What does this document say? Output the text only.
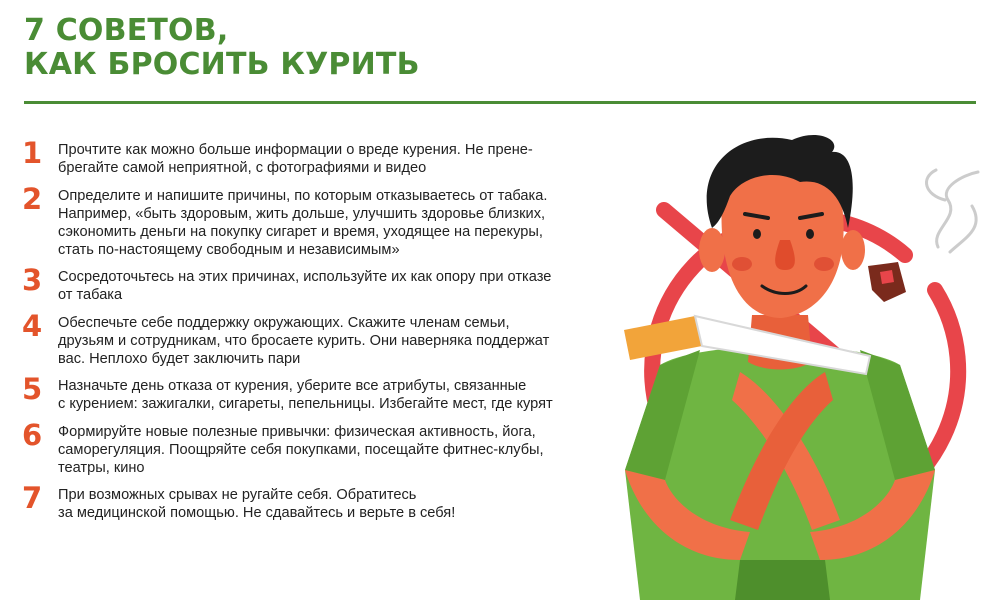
7 СОВЕТОВ,
КАК БРОСИТЬ КУРИТЬ
1	Прочтите как можно больше информации о вреде курения. Не прене-
брегайте самой неприятной, с фотографиями и видео
2	Определите и напишите причины, по которым отказываетесь от табака.
Например, «быть здоровым, жить дольше, улучшить здоровье близких,
сэкономить деньги на покупку сигарет и время, уходящее на перекуры,
стать по-настоящему свободным и независимым»
3	Сосредоточьтесь на этих причинах, используйте их как опору при отказе
от табака
4	Обеспечьте себе поддержку окружающих. Скажите членам семьи,
друзьям и сотрудникам, что бросаете курить. Они наверняка поддержат
вас. Неплохо будет заключить пари
5	Назначьте день отказа от курения, уберите все атрибуты, связанные
с курением: зажигалки, сигареты, пепельницы. Избегайте мест, где курят
6	Формируйте новые полезные привычки: физическая активность, йога,
саморегуляция. Поощряйте себя покупками, посещайте фитнес-клубы,
театры, кино
7	При возможных срывах не ругайте себя. Обратитесь
за медицинской помощью. Не сдавайтесь и верьте в себя!
